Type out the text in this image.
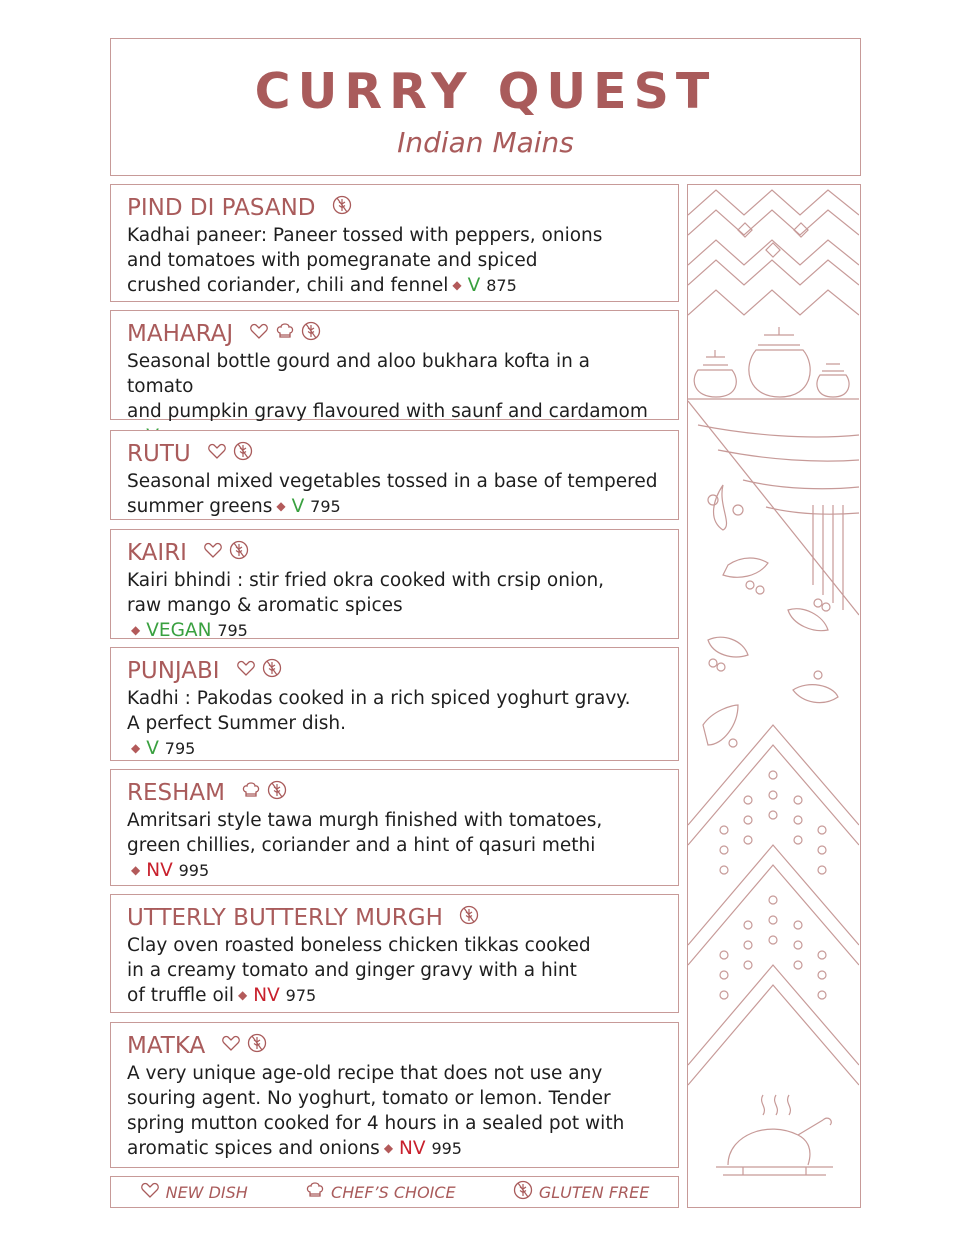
CURRY QUEST
Indian Mains
PIND DI PASAND
Kadhai paneer: Paneer tossed with peppers, onions
and tomatoes with pomegranate and spiced
crushed coriander, chili and fennel ◆ V 875
MAHARAJ
Seasonal bottle gourd and aloo bukhara kofta in a tomato
and pumpkin gravy flavoured with saunf and cardamom
RUTU
Seasonal mixed vegetables tossed in a base of tempered
summer greens ◆ V 795
KAIRI
Kairi bhindi : stir fried okra cooked with crsip onion,
raw mango & aromatic spices
◆ VEGAN 795
PUNJABI
Kadhi : Pakodas cooked in a rich spiced yoghurt gravy.
A perfect Summer dish.
◆ V 795
RESHAM
Amritsari style tawa murgh finished with tomatoes,
green chillies, coriander and a hint of qasuri methi
◆ NV 995
UTTERLY BUTTERLY MURGH
Clay oven roasted boneless chicken tikkas cooked
in a creamy tomato and ginger gravy with a hint
of truffle oil ◆ NV 975
MATKA
A very unique age-old recipe that does not use any
souring agent. No yoghurt, tomato or lemon. Tender
spring mutton cooked for 4 hours in a sealed pot with
aromatic spices and onions ◆ NV 995
NEW DISH	CHEF’S CHOICE	GLUTEN FREE
